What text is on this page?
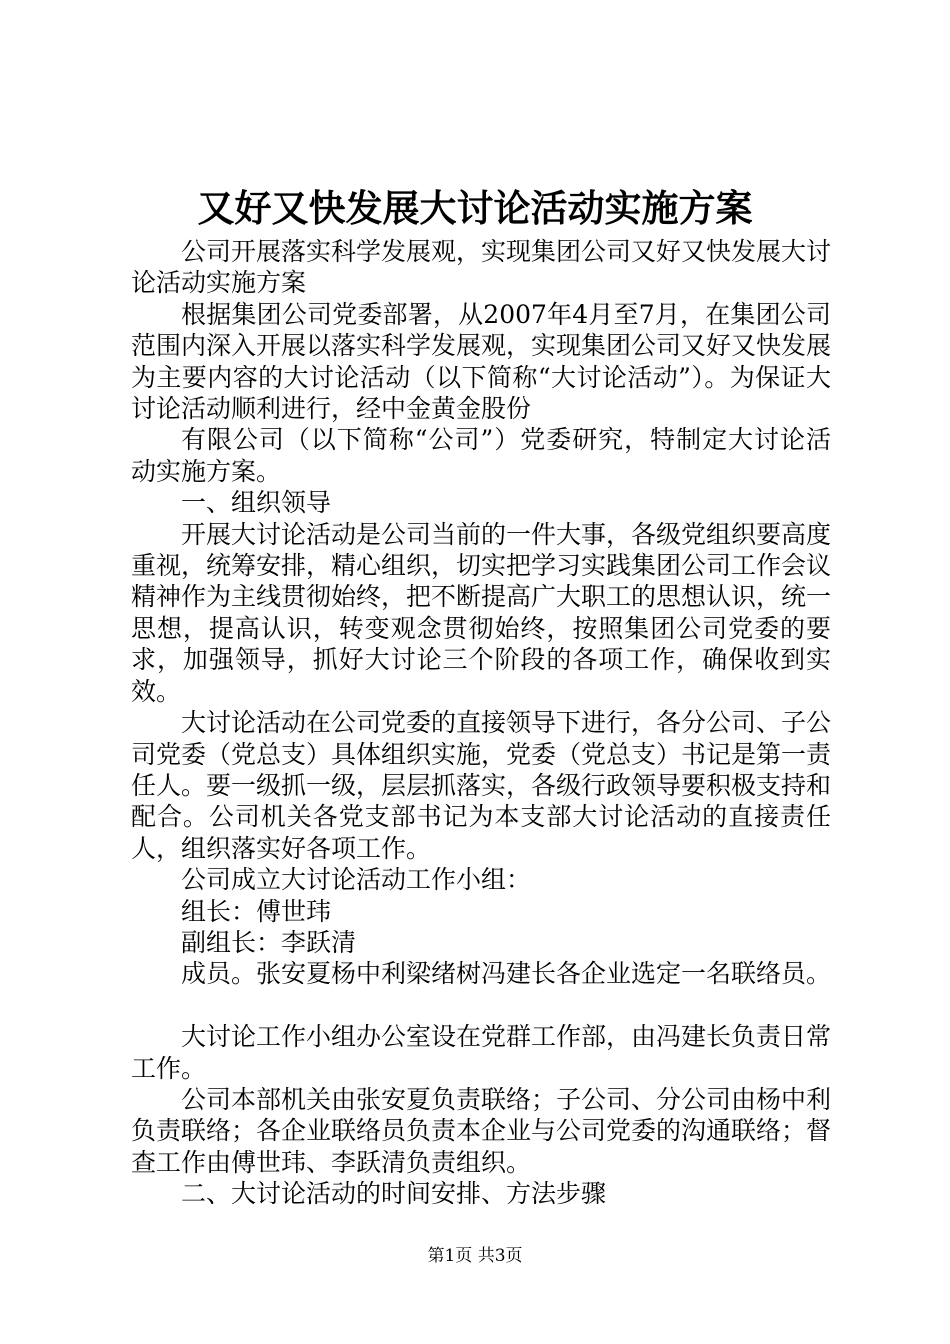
又好又快发展大讨论活动实施方案

公司开展落实科学发展观，实现集团公司又好又快发展大讨论活动实施方案

根据集团公司党委部署，从2007年4月至7月，在集团公司范围内深入开展以落实科学发展观，实现集团公司又好又快发展为主要内容的大讨论活动（以下简称“大讨论活动”）。为保证大讨论活动顺利进行，经中金黄金股份

有限公司（以下简称“公司”）党委研究，特制定大讨论活动实施方案。

一、组织领导

开展大讨论活动是公司当前的一件大事，各级党组织要高度重视，统筹安排，精心组织，切实把学习实践集团公司工作会议精神作为主线贯彻始终，把不断提高广大职工的思想认识，统一思想，提高认识，转变观念贯彻始终，按照集团公司党委的要求，加强领导，抓好大讨论三个阶段的各项工作，确保收到实效。

大讨论活动在公司党委的直接领导下进行，各分公司、子公司党委（党总支）具体组织实施，党委（党总支）书记是第一责任人。要一级抓一级，层层抓落实，各级行政领导要积极支持和配合。公司机关各党支部书记为本支部大讨论活动的直接责任人，组织落实好各项工作。

公司成立大讨论活动工作小组：

组长：傅世玮

副组长：李跃清

成员。张安夏杨中利梁绪树冯建长各企业选定一名联络员。

大讨论工作小组办公室设在党群工作部，由冯建长负责日常工作。

公司本部机关由张安夏负责联络；子公司、分公司由杨中利负责联络；各企业联络员负责本企业与公司党委的沟通联络；督查工作由傅世玮、李跃清负责组织。

二、大讨论活动的时间安排、方法步骤

第1页 共3页
